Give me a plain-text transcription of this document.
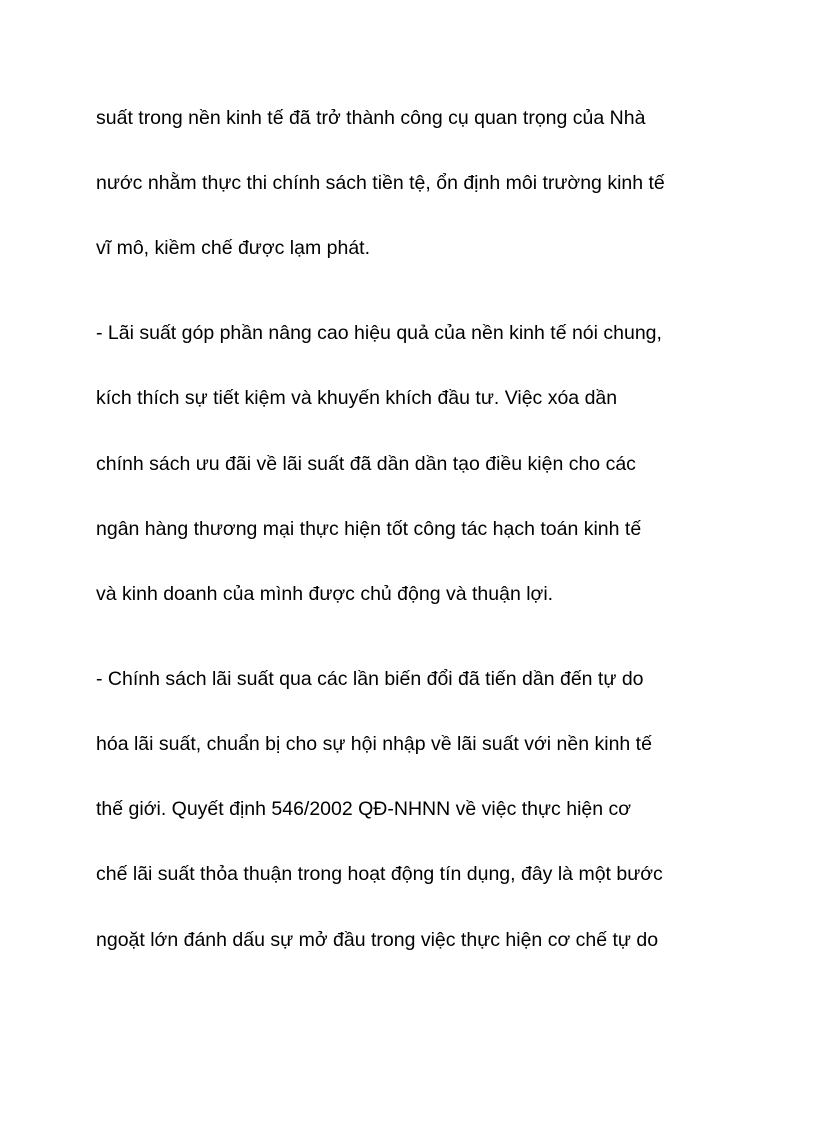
suất trong nền kinh tế đã trở thành công cụ quan trọng của Nhà
nước nhằm thực thi chính sách tiền tệ, ổn định môi trường kinh tế
vĩ mô, kiềm chế được lạm phát.
- Lãi suất góp phần nâng cao hiệu quả của nền kinh tế nói chung,
kích thích sự tiết kiệm và khuyến khích đầu tư. Việc xóa dần
chính sách ưu đãi về lãi suất đã dần dần tạo điều kiện cho các
ngân hàng thương mại thực hiện tốt công tác hạch toán kinh tế
và kinh doanh của mình được chủ động và thuận lợi.
- Chính sách lãi suất qua các lần biến đổi đã tiến dần đến tự do
hóa lãi suất, chuẩn bị cho sự hội nhập về lãi suất với nền kinh tế
thế giới. Quyết định 546/2002 QĐ-NHNN về việc thực hiện cơ
chế lãi suất thỏa thuận trong hoạt động tín dụng, đây là một bước
ngoặt lớn đánh dấu sự mở đầu trong việc thực hiện cơ chế tự do
